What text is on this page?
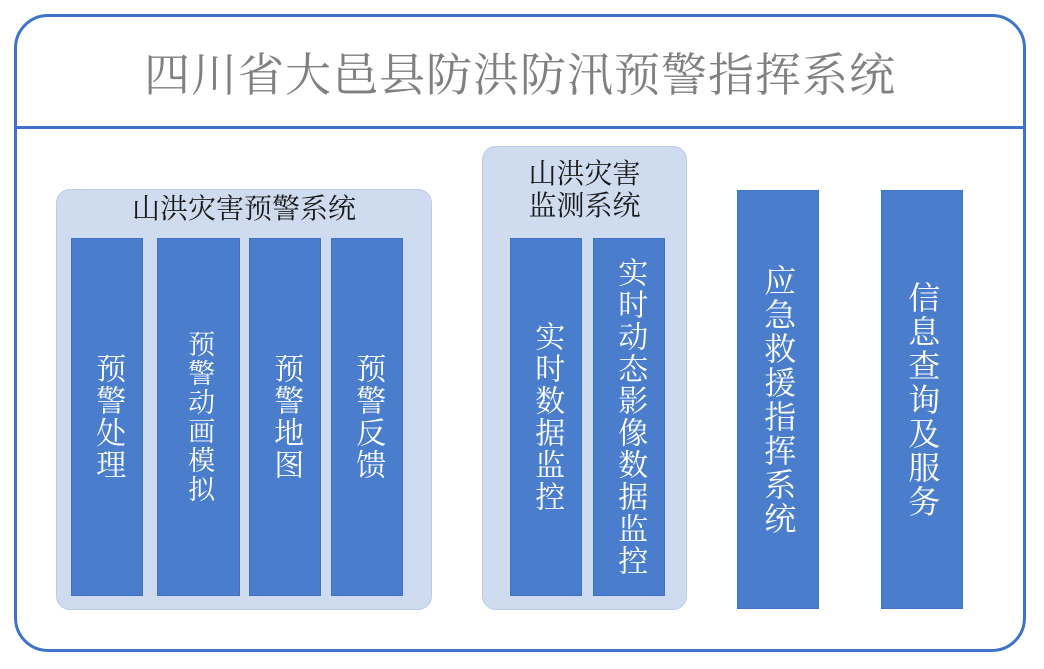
四川省大邑县防洪防汛预警指挥系统
山洪灾害预警系统
预警处理 预警动画模拟 预警地图 预警反馈
山洪灾害
监测系统
实时数据监控 实时动态影像数据监控	应急救援指挥系统	信息查询及服务
